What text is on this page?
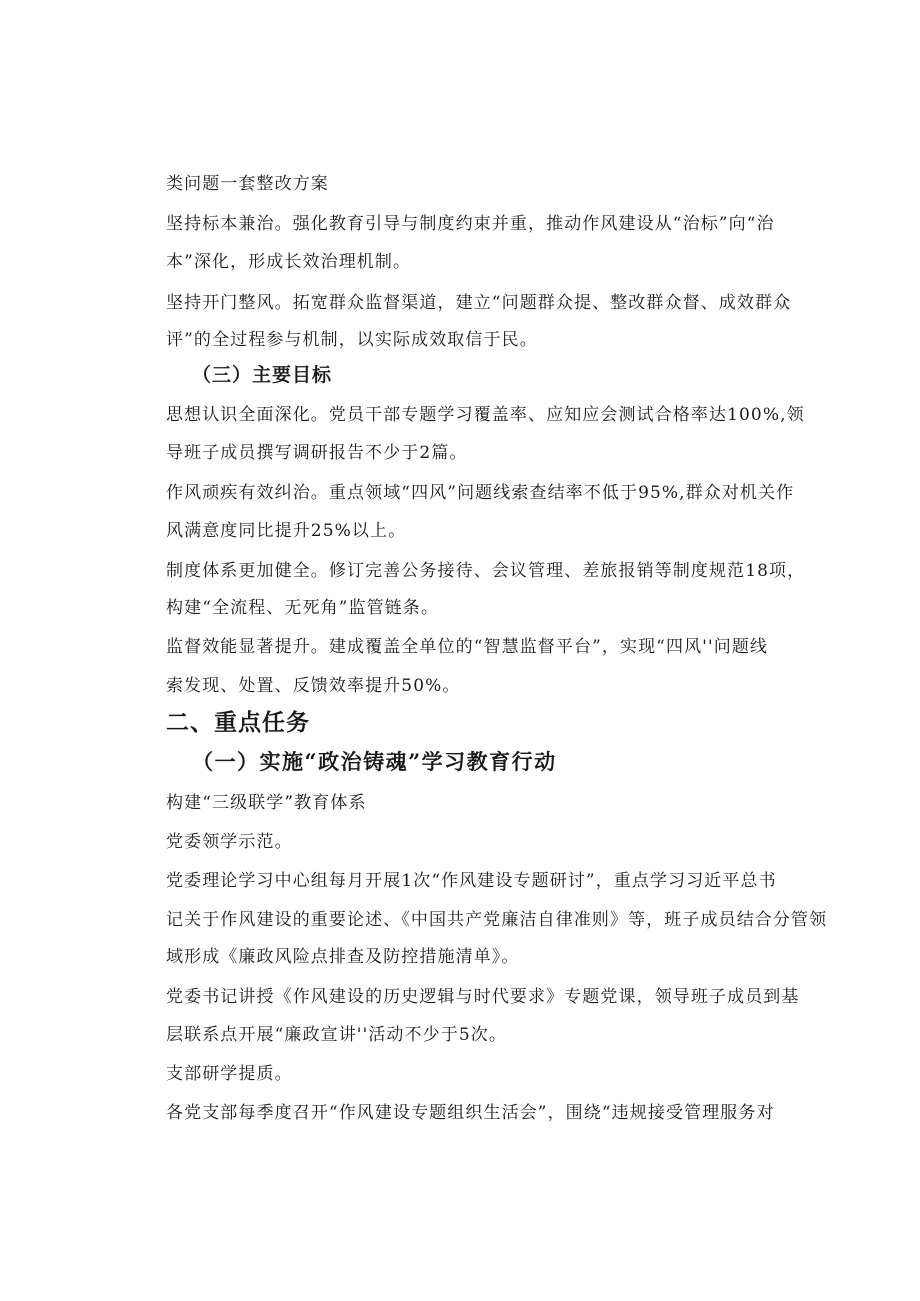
类问题一套整改方案
坚持标本兼治。强化教育引导与制度约束并重，推动作风建设从“治标”向“治
本”深化，形成长效治理机制。
坚持开门整风。拓宽群众监督渠道，建立“问题群众提、整改群众督、成效群众
评”的全过程参与机制，以实际成效取信于民。
（三）主要目标
思想认识全面深化。党员干部专题学习覆盖率、应知应会测试合格率达100%,领
导班子成员撰写调研报告不少于2篇。
作风顽疾有效纠治。重点领域“四风”问题线索查结率不低于95%,群众对机关作
风满意度同比提升25%以上。
制度体系更加健全。修订完善公务接待、会议管理、差旅报销等制度规范18项，
构建“全流程、无死角”监管链条。
监督效能显著提升。建成覆盖全单位的“智慧监督平台”，实现“四风''问题线
索发现、处置、反馈效率提升50%。
二、重点任务
（一）实施“政治铸魂”学习教育行动
构建“三级联学”教育体系
党委领学示范。
党委理论学习中心组每月开展1次“作风建设专题研讨”，重点学习习近平总书
记关于作风建设的重要论述、《中国共产党廉洁自律准则》等，班子成员结合分管领
域形成《廉政风险点排查及防控措施清单》。
党委书记讲授《作风建设的历史逻辑与时代要求》专题党课，领导班子成员到基
层联系点开展“廉政宣讲''活动不少于5次。
支部研学提质。
各党支部每季度召开“作风建设专题组织生活会”，围绕“违规接受管理服务对
